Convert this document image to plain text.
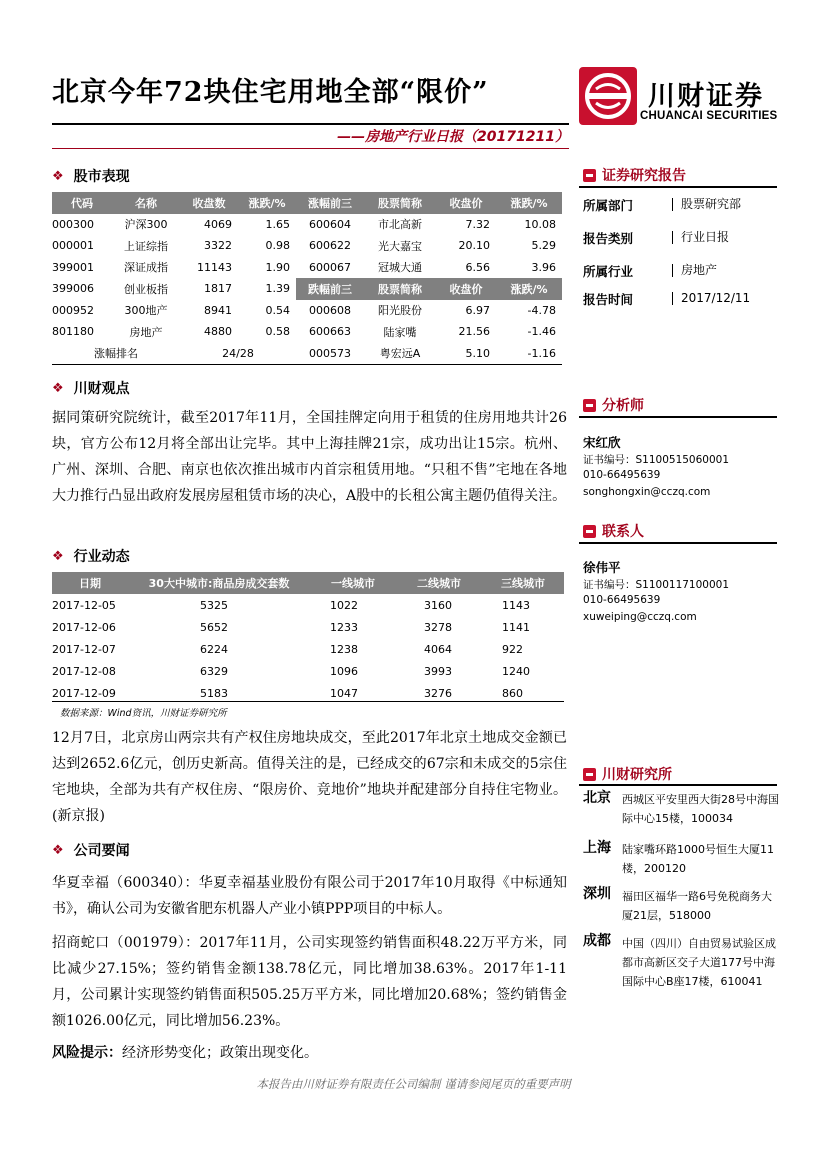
北京今年72块住宅用地全部“限价”	川财证券
CHUANCAI SECURITIES
——房地产行业日报（20171211）
❖ 股市表现
代码	名称	收盘数	涨跌/%	涨幅前三	股票简称	收盘价	涨跌/%
000300	沪深300	4069	1.65	600604	市北高新	7.32	10.08
000001	上证综指	3322	0.98	600622	光大嘉宝	20.10	5.29
399001	深证成指	11143	1.90	600067	冠城大通	6.56	3.96
399006	创业板指	1817	1.39	跌幅前三	股票简称	收盘价	涨跌/%
000952	300地产	8941	0.54	000608	阳光股份	6.97	-4.78
801180	房地产	4880	0.58	600663	陆家嘴	21.56	-1.46
涨幅排名		24/28		000573	粤宏远A	5.10	-1.16
❖ 川财观点
据同策研究院统计，截至2017年11月，全国挂牌定向用于租赁的住房用地共计26块，官方公布12月将全部出让完毕。其中上海挂牌21宗，成功出让15宗。杭州、广州、深圳、合肥、南京也依次推出城市内首宗租赁用地。“只租不售”宅地在各地大力推行凸显出政府发展房屋租赁市场的决心，A股中的长租公寓主题仍值得关注。
❖ 行业动态
日期	30大中城市:商品房成交套数	一线城市	二线城市	三线城市
2017-12-05	5325	1022	3160	1143
2017-12-06	5652	1233	3278	1141
2017-12-07	6224	1238	4064	922
2017-12-08	6329	1096	3993	1240
2017-12-09	5183	1047	3276	860
数据来源：Wind资讯，川财证券研究所
12月7日，北京房山两宗共有产权住房地块成交，至此2017年北京土地成交金额已达到2652.6亿元，创历史新高。值得关注的是，已经成交的67宗和未成交的5宗住宅地块，全部为共有产权住房、“限房价、竞地价”地块并配建部分自持住宅物业。(新京报)
❖ 公司要闻
华夏幸福（600340）：华夏幸福基业股份有限公司于2017年10月取得《中标通知书》，确认公司为安徽省肥东机器人产业小镇PPP项目的中标人。
招商蛇口（001979）：2017年11月，公司实现签约销售面积48.22万平方米，同比减少27.15%；签约销售金额138.78亿元，同比增加38.63%。2017年1-11月，公司累计实现签约销售面积505.25万平方米，同比增加20.68%；签约销售金额1026.00亿元，同比增加56.23%。
风险提示：经济形势变化；政策出现变化。
证券研究报告
所属部门	股票研究部
报告类别	行业日报
所属行业	房地产
报告时间	2017/12/11
分析师
宋红欣
证书编号：S1100515060001
010-66495639
songhongxin@cczq.com
联系人
徐伟平
证书编号：S1100117100001
010-66495639
xuweiping@cczq.com
川财研究所
北京 西城区平安里西大街28号中海国际中心15楼，100034
上海 陆家嘴环路1000号恒生大厦11楼，200120
深圳 福田区福华一路6号免税商务大厦21层，518000
成都 中国（四川）自由贸易试验区成都市高新区交子大道177号中海国际中心B座17楼，610041
本报告由川财证券有限责任公司编制 谨请参阅尾页的重要声明
